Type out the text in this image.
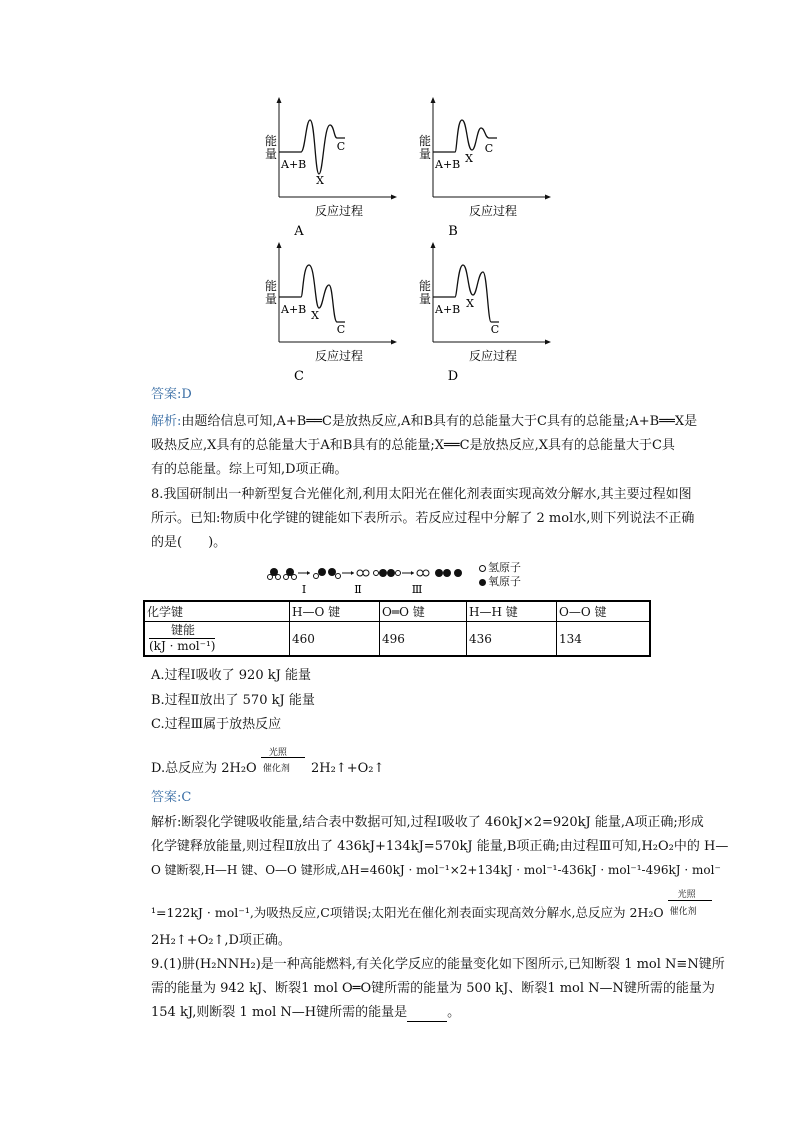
能
量
A+B
X
C
反应过程
A
能
量
A+B X
C
反应过程
B
能
量
A+B X
C
反应过程
C
能
量
A+B X
C
反应过程
D
答案:D
解析:由题给信息可知,A+B══C是放热反应,A和B具有的总能量大于C具有的总能量;A+B══X是
吸热反应,X具有的总能量大于A和B具有的总能量;X══C是放热反应,X具有的总能量大于C具
有的总能量。综上可知,D项正确。
8.我国研制出一种新型复合光催化剂,利用太阳光在催化剂表面实现高效分解水,其主要过程如图
所示。已知:物质中化学键的键能如下表所示。若反应过程中分解了 2 mol水,则下列说法不正确
的是(　　)。
Ⅰ	Ⅱ	Ⅲ
氢原子
氧原子
化学键	H—O 键	O═O 键	H—H 键	O—O 键

键能
(kJ · mol⁻¹)	460	496	436	134
A.过程Ⅰ吸收了 920 kJ 能量
B.过程Ⅱ放出了 570 kJ 能量
C.过程Ⅲ属于放热反应
D.总反应为 2H₂O
光照
催化剂 2H₂↑+O₂↑
答案:C
解析:断裂化学键吸收能量,结合表中数据可知,过程Ⅰ吸收了 460kJ×2=920kJ 能量,A项正确;形成
化学键释放能量,则过程Ⅱ放出了 436kJ+134kJ=570kJ 能量,B项正确;由过程Ⅲ可知,H₂O₂中的 H—
O 键断裂,H—H 键、O—O 键形成,ΔH=460kJ · mol⁻¹×2+134kJ · mol⁻¹-436kJ · mol⁻¹-496kJ · mol⁻
¹=122kJ · mol⁻¹,为吸热反应,C项错误;太阳光在催化剂表面实现高效分解水,总反应为 2H₂O
光照
催化剂
2H₂↑+O₂↑,D项正确。
9.(1)肼(H₂NNH₂)是一种高能燃料,有关化学反应的能量变化如下图所示,已知断裂 1 mol N≡N键所
需的能量为 942 kJ、断裂1 mol O═O键所需的能量为 500 kJ、断裂1 mol N—N键所需的能量为
154 kJ,则断裂 1 mol N—H键所需的能量是	。
